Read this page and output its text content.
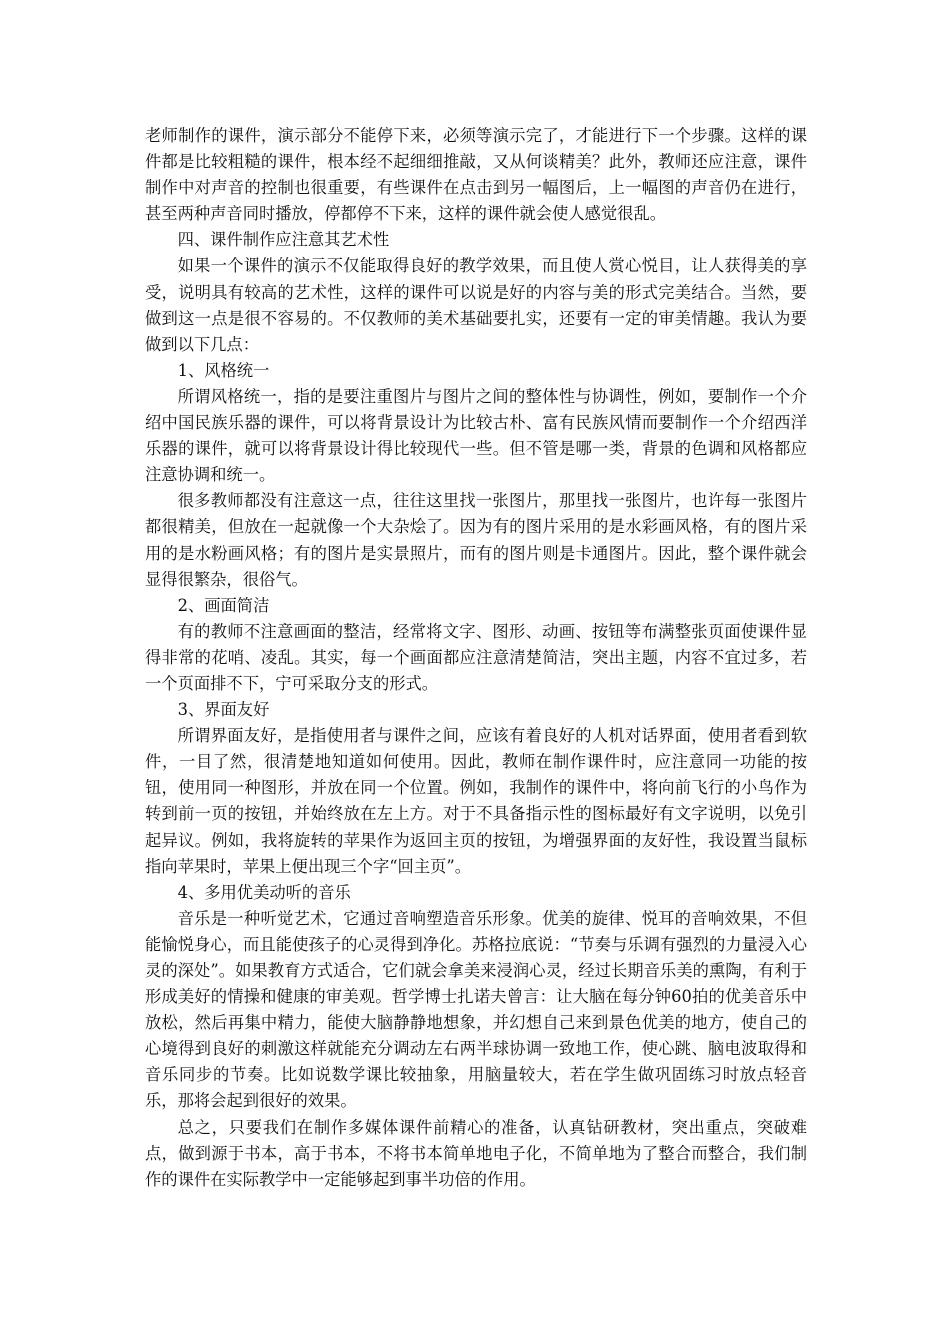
老师制作的课件，演示部分不能停下来，必须等演示完了，才能进行下一个步骤。这样的课件都是比较粗糙的课件，根本经不起细细推敲，又从何谈精美？此外，教师还应注意，课件制作中对声音的控制也很重要，有些课件在点击到另一幅图后，上一幅图的声音仍在进行，甚至两种声音同时播放，停都停不下来，这样的课件就会使人感觉很乱。

四、课件制作应注意其艺术性

如果一个课件的演示不仅能取得良好的教学效果，而且使人赏心悦目，让人获得美的享受，说明具有较高的艺术性，这样的课件可以说是好的内容与美的形式完美结合。当然，要做到这一点是很不容易的。不仅教师的美术基础要扎实，还要有一定的审美情趣。我认为要做到以下几点：

1、风格统一

所谓风格统一，指的是要注重图片与图片之间的整体性与协调性，例如，要制作一个介绍中国民族乐器的课件，可以将背景设计为比较古朴、富有民族风情而要制作一个介绍西洋乐器的课件，就可以将背景设计得比较现代一些。但不管是哪一类，背景的色调和风格都应注意协调和统一。

很多教师都没有注意这一点，往往这里找一张图片，那里找一张图片，也许每一张图片都很精美，但放在一起就像一个大杂烩了。因为有的图片采用的是水彩画风格，有的图片采用的是水粉画风格；有的图片是实景照片，而有的图片则是卡通图片。因此，整个课件就会显得很繁杂，很俗气。

2、画面简洁

有的教师不注意画面的整洁，经常将文字、图形、动画、按钮等布满整张页面使课件显得非常的花哨、凌乱。其实，每一个画面都应注意清楚简洁，突出主题，内容不宜过多，若一个页面排不下，宁可采取分支的形式。

3、界面友好

所谓界面友好，是指使用者与课件之间，应该有着良好的人机对话界面，使用者看到软件，一目了然，很清楚地知道如何使用。因此，教师在制作课件时，应注意同一功能的按钮，使用同一种图形，并放在同一个位置。例如，我制作的课件中，将向前飞行的小鸟作为转到前一页的按钮，并始终放在左上方。对于不具备指示性的图标最好有文字说明，以免引起异议。例如，我将旋转的苹果作为返回主页的按钮，为增强界面的友好性，我设置当鼠标指向苹果时，苹果上便出现三个字“回主页”。

4、多用优美动听的音乐

音乐是一种听觉艺术，它通过音响塑造音乐形象。优美的旋律、悦耳的音响效果，不但能愉悦身心，而且能使孩子的心灵得到净化。苏格拉底说：“节奏与乐调有强烈的力量浸入心灵的深处”。如果教育方式适合，它们就会拿美来浸润心灵，经过长期音乐美的熏陶，有利于形成美好的情操和健康的审美观。哲学博士扎诺夫曾言：让大脑在每分钟60拍的优美音乐中放松，然后再集中精力，能使大脑静静地想象，并幻想自己来到景色优美的地方，使自己的心境得到良好的刺激这样就能充分调动左右两半球协调一致地工作，使心跳、脑电波取得和音乐同步的节奏。比如说数学课比较抽象，用脑量较大，若在学生做巩固练习时放点轻音乐，那将会起到很好的效果。

总之，只要我们在制作多媒体课件前精心的准备，认真钻研教材，突出重点，突破难点，做到源于书本，高于书本，不将书本简单地电子化，不简单地为了整合而整合，我们制作的课件在实际教学中一定能够起到事半功倍的作用。
